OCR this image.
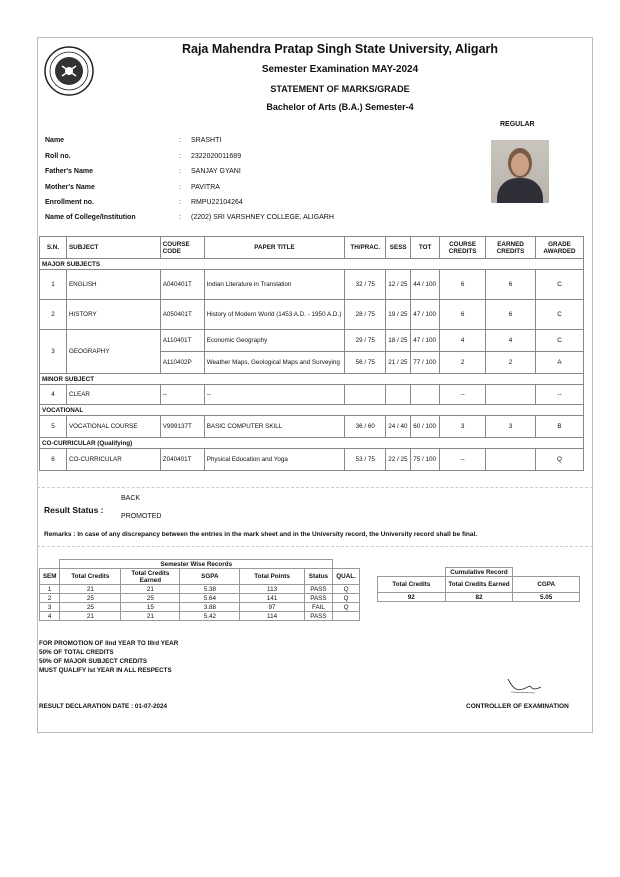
Raja Mahendra Pratap Singh State University, Aligarh
Semester Examination MAY-2024
STATEMENT OF MARKS/GRADE
Bachelor of Arts (B.A.) Semester-4
REGULAR
Name	: SRASHTI
Roll no.	: 2322020011689
Father's Name	: SANJAY GYANI
Mother's Name	: PAVITRA
Enrollment no.	: RMPU22104264
Name of College/Institution	: (2202) SRI VARSHNEY COLLEGE, ALIGARH
S.N.	SUBJECT	COURSE CODE	PAPER TITLE	TH/PRAC.	SESS	TOT	COURSE CREDITS	EARNED CREDITS	GRADE AWARDED
MAJOR SUBJECTS									
1	ENGLISH	A040401T	Indian Literature in Translation	32 / 75	12 / 25	44 / 100	6	6	C
2	HISTORY	A050401T	History of Modern World (1453 A.D. - 1950 A.D.)	28 / 75	19 / 25	47 / 100	6	6	C
3	GEOGRAPHY	A110401T	Economic Geography	29 / 75	18 / 25	47 / 100	4	4	C
		A110402P	Weather Maps, Geological Maps and Surveying	56 / 75	21 / 25	77 / 100	2	2	A
MINOR SUBJECT									
4	CLEAR	--	--				--		--
VOCATIONAL									
5	VOCATIONAL COURSE	V999137T	BASIC COMPUTER SKILL	36 / 60	24 / 40	60 / 100	3	3	B
CO-CURRICULAR (Qualifying)									
6	CO-CURRICULAR	Z040401T	Physical Education and Yoga	53 / 75	22 / 25	75 / 100	--		Q
Result Status :
BACK
PROMOTED
Remarks : In case of any discrepancy between the entries in the mark sheet and in the University record, the University record shall be final.
	Semester Wise Records					
SEM	Total Credits	Total Credits Earned	SGPA	Total Points	Status	QUAL.
1	21	21	5.38	113	PASS	Q
2	25	25	5.64	141	PASS	Q
3	25	15	3.88	97	FAIL	Q
4	21	21	5.42	114	PASS	
	Cumulative Record	
Total Credits	Total Credits Earned	CGPA
92	82	5.05
FOR PROMOTION OF IInd YEAR TO IIIrd YEAR
50% OF TOTAL CREDITS
50% OF MAJOR SUBJECT CREDITS
MUST QUALIFY Ist YEAR IN ALL RESPECTS
RESULT DECLARATION DATE : 01-07-2024	CONTROLLER OF EXAMINATION
